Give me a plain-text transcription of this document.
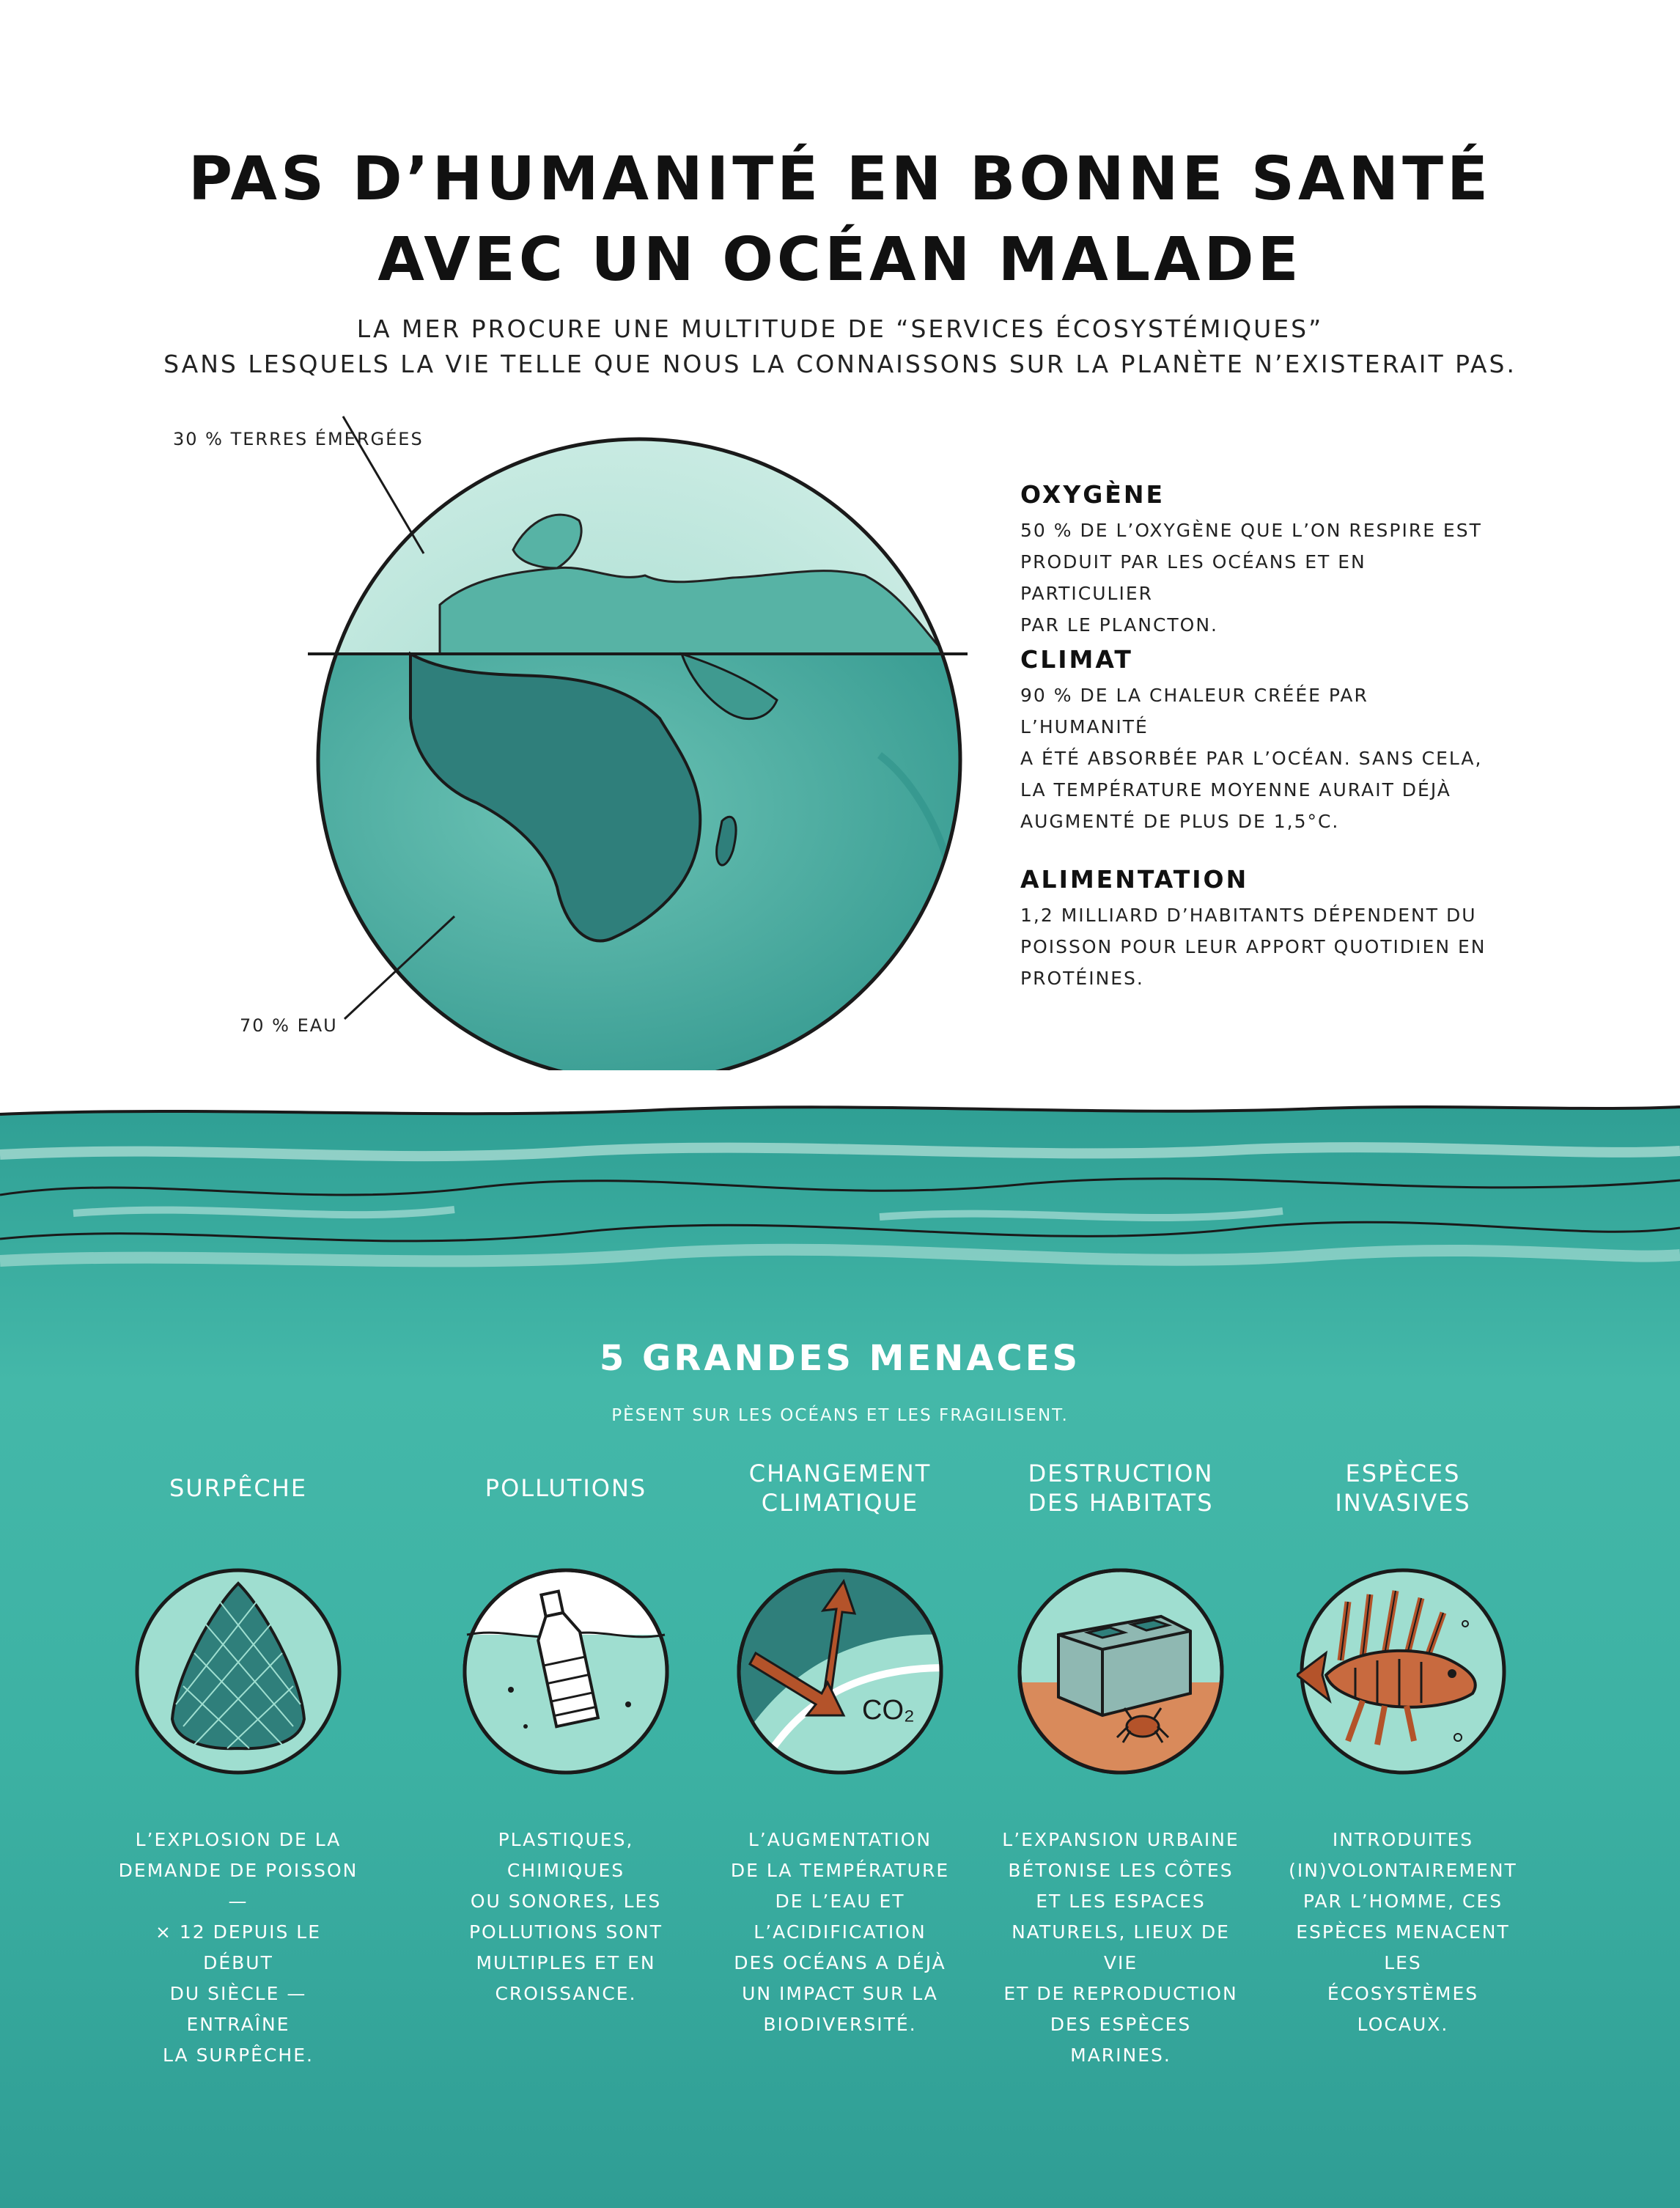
PAS D’HUMANITÉ EN BONNE SANTÉ
AVEC UN OCÉAN MALADE
LA MER PROCURE UNE MULTITUDE DE “SERVICES ÉCOSYSTÉMIQUES”
SANS LESQUELS LA VIE TELLE QUE NOUS LA CONNAISSONS SUR LA PLANÈTE N’EXISTERAIT PAS.
30 % TERRES ÉMERGÉES
70 % EAU
OXYGÈNE
50 % DE L’OXYGÈNE QUE L’ON RESPIRE EST
PRODUIT PAR LES OCÉANS ET EN PARTICULIER
PAR LE PLANCTON.
CLIMAT
90 % DE LA CHALEUR CRÉÉE PAR L’HUMANITÉ
A ÉTÉ ABSORBÉE PAR L’OCÉAN. SANS CELA,
LA TEMPÉRATURE MOYENNE AURAIT DÉJÀ
AUGMENTÉ DE PLUS DE 1,5°C.
ALIMENTATION
1,2 MILLIARD D’HABITANTS DÉPENDENT DU
POISSON POUR LEUR APPORT QUOTIDIEN EN
PROTÉINES.
5 GRANDES MENACES
PÈSENT SUR LES OCÉANS ET LES FRAGILISENT.
SURPÊCHE
L’EXPLOSION DE LA
DEMANDE DE POISSON —
× 12 DEPUIS LE DÉBUT
DU SIÈCLE — ENTRAÎNE
LA SURPÊCHE.
POLLUTIONS
PLASTIQUES, CHIMIQUES
OU SONORES, LES
POLLUTIONS SONT
MULTIPLES ET EN
CROISSANCE.
CHANGEMENT
CLIMATIQUE
CO₂
L’AUGMENTATION
DE LA TEMPÉRATURE
DE L’EAU ET
L’ACIDIFICATION
DES OCÉANS A DÉJÀ
UN IMPACT SUR LA
BIODIVERSITÉ.
DESTRUCTION
DES HABITATS
L’EXPANSION URBAINE
BÉTONISE LES CÔTES
ET LES ESPACES
NATURELS, LIEUX DE VIE
ET DE REPRODUCTION
DES ESPÈCES MARINES.
ESPÈCES
INVASIVES
INTRODUITES
(IN)VOLONTAIREMENT
PAR L’HOMME, CES
ESPÈCES MENACENT LES
ÉCOSYSTÈMES LOCAUX.
